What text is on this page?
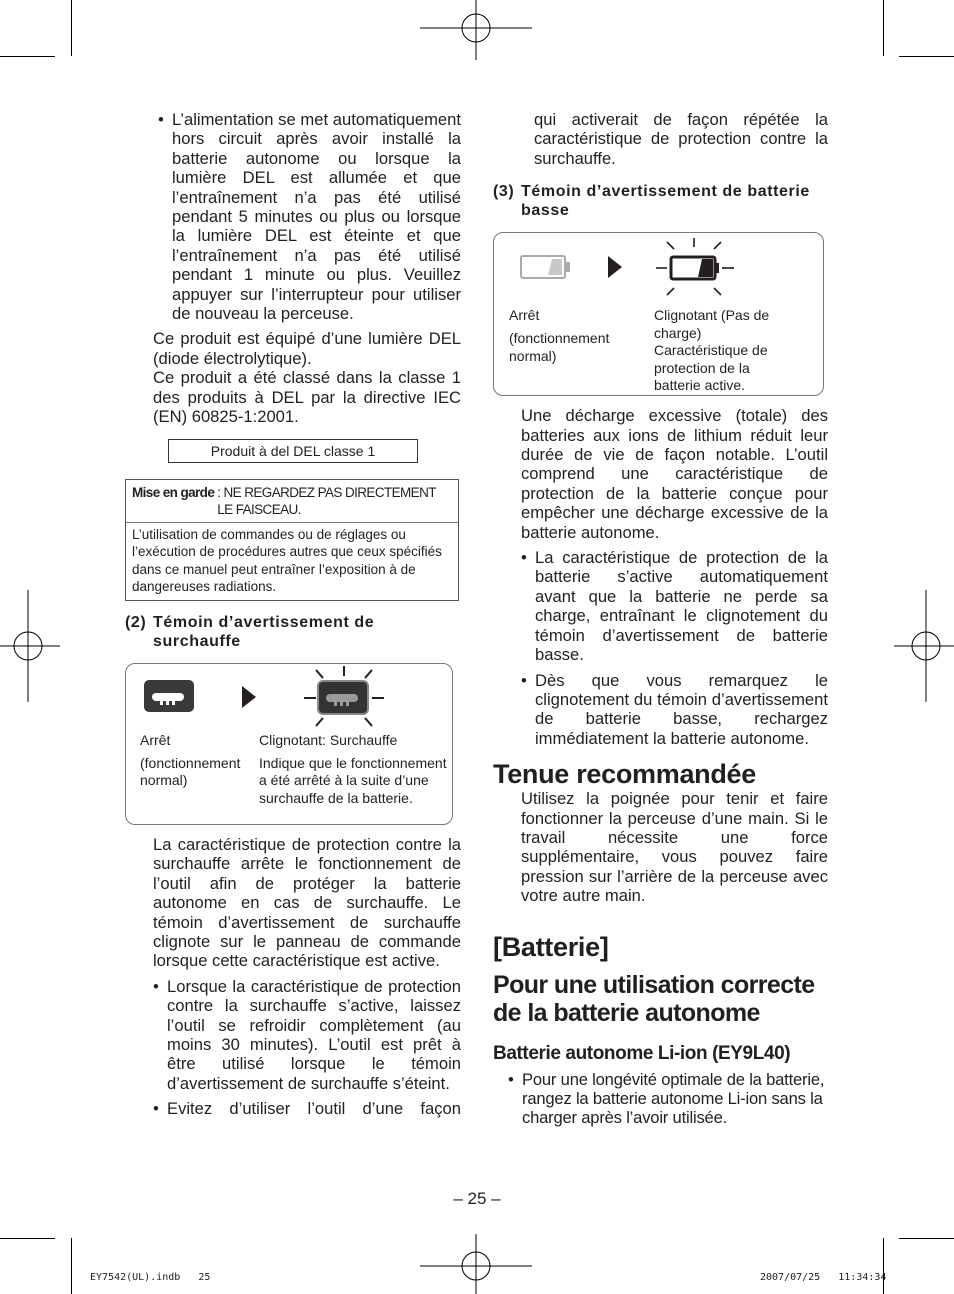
• L’alimentation se met automatiquement hors circuit après avoir installé la batterie autonome ou lorsque la lumière DEL est allumée et que l’entraînement n’a pas été utilisé pendant 5 minutes ou plus ou lorsque la lumière DEL est éteinte et que l’entraînement n’a pas été utilisé pendant 1 minute ou plus. Veuillez appuyer sur l’interrupteur pour utiliser de nouveau la perceuse.

Ce produit est équipé d’une lumière DEL (diode électrolytique).

Ce produit a été classé dans la classe 1 des produits à DEL par la directive IEC (EN) 60825-1:2001.

Produit à del DEL classe 1
Mise en garde : NE REGARDEZ PAS DIRECTEMENT LE FAISCEAU.

L’utilisation de commandes ou de réglages ou l’exécution de procédures autres que ceux spécifiés dans ce manuel peut entraîner l’exposition à de dangereuses radiations.

(2) Témoin d’avertissement de surchauffe
Arrêt
(fonctionnement normal)
Clignotant: Surchauffe
Indique que le fonctionnement a été arrêté à la suite d’une surchauffe de la batterie.

La caractéristique de protection contre la surchauffe arrête le fonctionnement de l’outil afin de protéger la batterie autonome en cas de surchauffe. Le témoin d’avertissement de surchauffe clignote sur le panneau de commande lorsque cette caractéristique est active.

• Lorsque la caractéristique de protection contre la surchauffe s’active, laissez l’outil se refroidir complètement (au moins 30 minutes). L’outil est prêt à être utilisé lorsque le témoin d’avertissement de surchauffe s’éteint.
• Evitez d’utiliser l’outil d’une façon

qui activerait de façon répétée la caractéristique de protection contre la surchauffe.

(3) Témoin d’avertissement de batterie basse
Arrêt
(fonctionnement normal)
Clignotant (Pas de charge) Caractéristique de protection de la batterie active.

Une décharge excessive (totale) des batteries aux ions de lithium réduit leur durée de vie de façon notable. L’outil comprend une caractéristique de protection de la batterie conçue pour empêcher une décharge excessive de la batterie autonome.

• La caractéristique de protection de la batterie s’active automatiquement avant que la batterie ne perde sa charge, entraînant le clignotement du témoin d’avertissement de batterie basse.
• Dès que vous remarquez le clignotement du témoin d’avertissement de batterie basse, rechargez immédiatement la batterie autonome.
Tenue recommandée

Utilisez la poignée pour tenir et faire fonctionner la perceuse d’une main. Si le travail nécessite une force supplémentaire, vous pouvez faire pression sur l’arrière de la perceuse avec votre autre main.

[Batterie]
Pour une utilisation correcte de la batterie autonome
Batterie autonome Li-ion (EY9L40)
• Pour une longévité optimale de la batterie, rangez la batterie autonome Li-ion sans la charger après l’avoir utilisée.
– 25 –
EY7542(UL).indb   25	2007/07/25   11:34:34
